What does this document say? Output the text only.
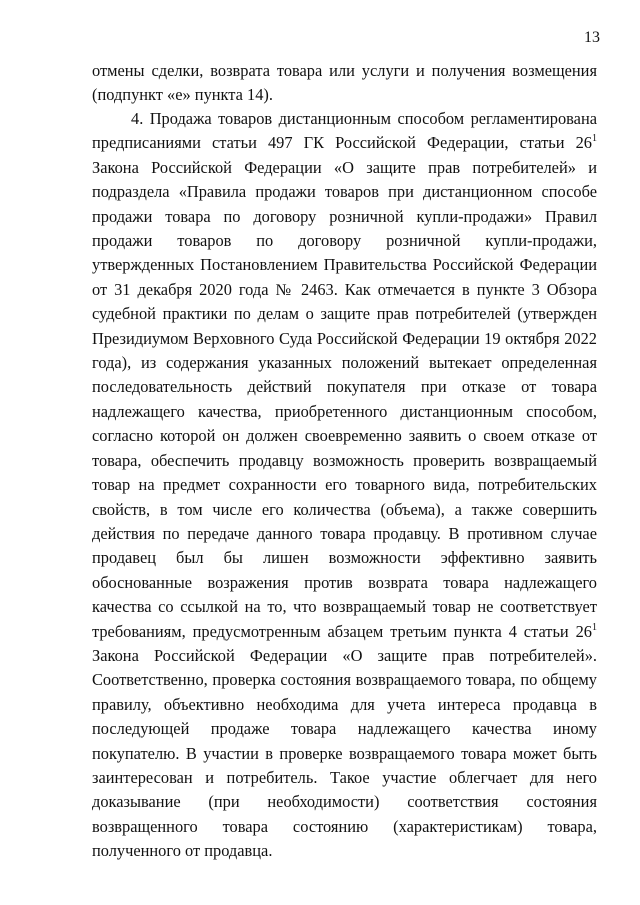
13

отмены сделки, возврата товара или услуги и получения возмещения (подпункт «е» пункта 14).

4. Продажа товаров дистанционным способом регламентирована предписаниями статьи 497 ГК Российской Федерации, статьи $26^1$ Закона Российской Федерации «О защите прав потребителей» и подраздела «Правила продажи товаров при дистанционном способе продажи товара по договору розничной купли-продажи» Правил продажи товаров по договору розничной купли-продажи, утвержденных Постановлением Правительства Российской Федерации от 31 декабря 2020 года № 2463. Как отмечается в пункте 3 Обзора судебной практики по делам о защите прав потребителей (утвержден Президиумом Верховного Суда Российской Федерации 19 октября 2022 года), из содержания указанных положений вытекает определенная последовательность действий покупателя при отказе от товара надлежащего качества, приобретенного дистанционным способом, согласно которой он должен своевременно заявить о своем отказе от товара, обеспечить продавцу возможность проверить возвращаемый товар на предмет сохранности его товарного вида, потребительских свойств, в том числе его количества (объема), а также совершить действия по передаче данного товара продавцу. В противном случае продавец был бы лишен возможности эффективно заявить обоснованные возражения против возврата товара надлежащего качества со ссылкой на то, что возвращаемый товар не соответствует требованиям, предусмотренным абзацем третьим пункта 4 статьи $26^1$ Закона Российской Федерации «О защите прав потребителей». Соответственно, проверка состояния возвращаемого товара, по общему правилу, объективно необходима для учета интереса продавца в последующей продаже товара надлежащего качества иному покупателю. В участии в проверке возвращаемого товара может быть заинтересован и потребитель. Такое участие облегчает для него доказывание (при необходимости) соответствия состояния возвращенного товара состоянию (характеристикам) товара, полученного от продавца.
